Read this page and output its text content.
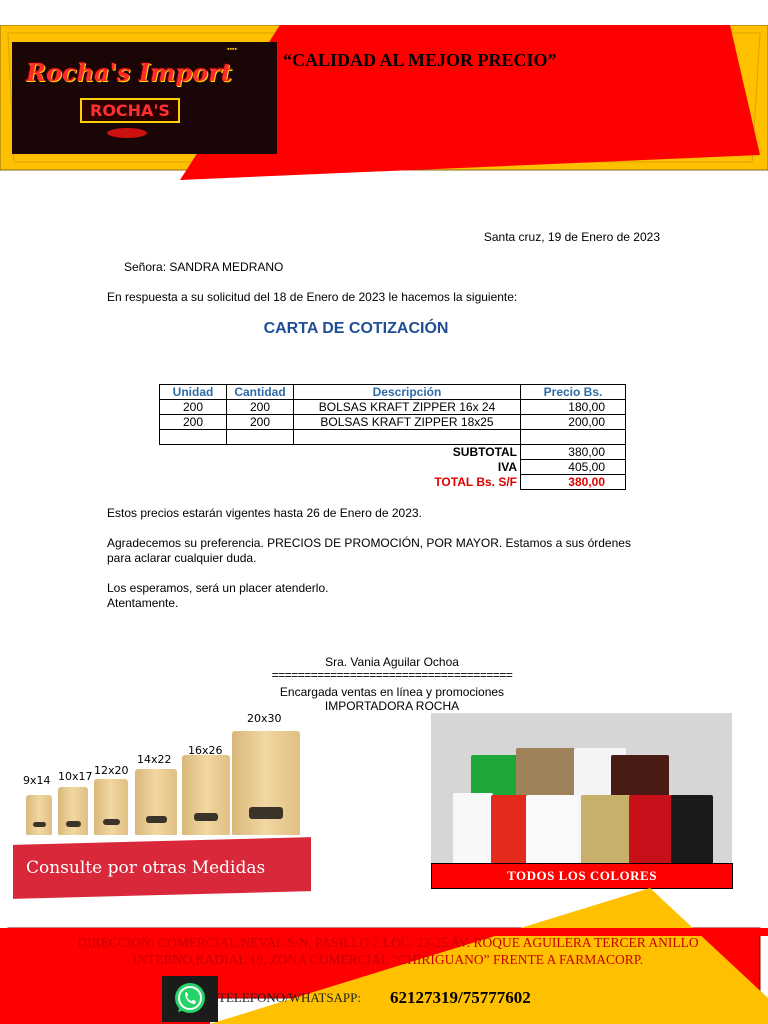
▪▪▪▪
Rocha's Import
ROCHA'S
“CALIDAD AL MEJOR PRECIO”
Santa cruz, 19 de Enero de 2023
Señora: SANDRA MEDRANO
En respuesta a su solicitud del 18 de Enero de 2023 le hacemos la siguiente:
CARTA DE COTIZACIÓN
Unidad	Cantidad	Descripción	Precio Bs.
200	200	BOLSAS KRAFT ZIPPER 16x 24	180,00
200	200	BOLSAS KRAFT ZIPPER 18x25	200,00

SUBTOTAL			380,00
IVA			405,00
TOTAL Bs. S/F			380,00
Estos precios estarán vigentes hasta 26 de Enero de 2023.
Agradecemos su preferencia. PRECIOS DE PROMOCIÓN, POR MAYOR. Estamos a sus órdenes
para aclarar cualquier duda.
Los esperamos, será un placer atenderlo.
Atentamente.
Sra. Vania Aguilar Ochoa
=====================================
Encargada ventas en línea y promociones
IMPORTADORA ROCHA
9x14 10x17 12x20
14x22
16x26
20x30
Consulte por otras Medidas	TODOS LOS COLORES
DIRECCIÓN: COMERCIAL NEVAL S/N, PASILLO 2 LOC. 23-25 AV. ROQUE AGUILERA TERCER ANILLO
INTERNO,RADIAL 19, ZONA COMERCIAL “CHIRIGUANO” FRENTE A FARMACORP.
TELEFONO/WHATSAPP: 62127319/75777602
